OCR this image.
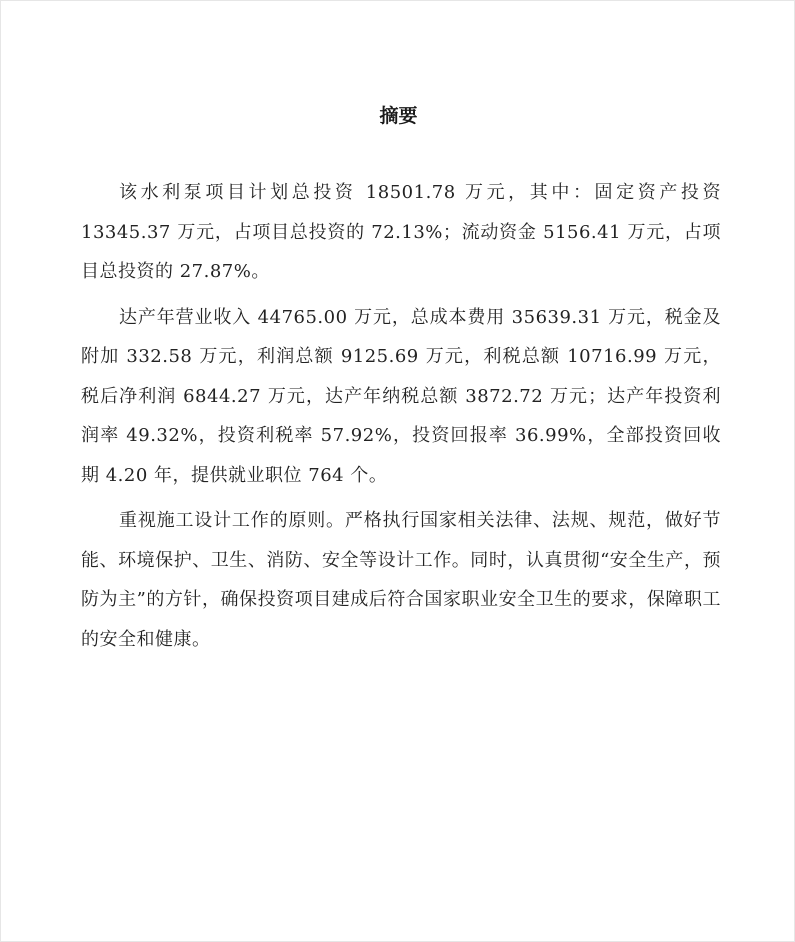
摘要

该水利泵项目计划总投资 18501.78 万元，其中：固定资产投资 13345.37 万元，占项目总投资的 72.13%；流动资金 5156.41 万元，占项目总投资的 27.87%。

达产年营业收入 44765.00 万元，总成本费用 35639.31 万元，税金及附加 332.58 万元，利润总额 9125.69 万元，利税总额 10716.99 万元，税后净利润 6844.27 万元，达产年纳税总额 3872.72 万元；达产年投资利润率 49.32%，投资利税率 57.92%，投资回报率 36.99%，全部投资回收期 4.20 年，提供就业职位 764 个。

重视施工设计工作的原则。严格执行国家相关法律、法规、规范，做好节能、环境保护、卫生、消防、安全等设计工作。同时，认真贯彻“安全生产，预防为主”的方针，确保投资项目建成后符合国家职业安全卫生的要求，保障职工的安全和健康。
